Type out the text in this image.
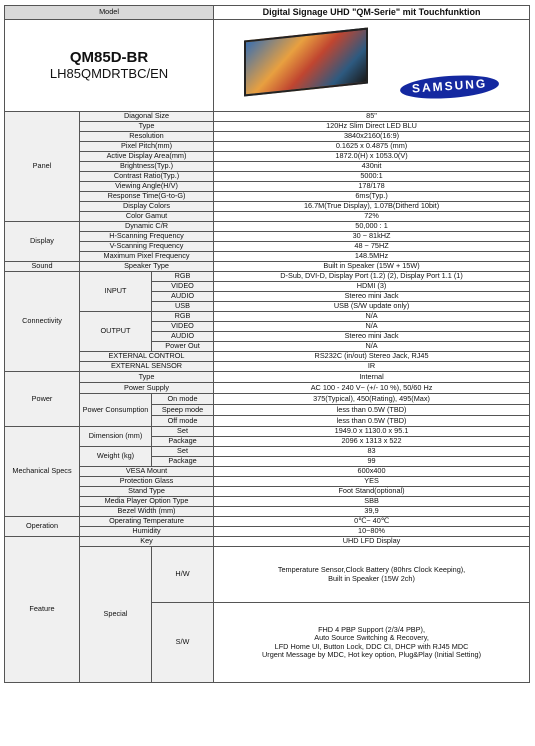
Model			Digital Signage UHD "QM-Serie" mit Touchfunktion

QM85D-BR
LH85QMDRTBC/EN			SAMSUNG
Panel	Diagonal Size		85"
	Type		120Hz Slim Direct LED BLU
	Resolution		3840x2160(16:9)
	Pixel Pitch(mm)		0.1625 x 0.4875 (mm)
	Active Display Area(mm)		1872.0(H) x 1053.0(V)
	Brightness(Typ.)		430nit
	Contrast Ratio(Typ.)		5000:1
	Viewing Angle(H/V)		178/178
	Response Time(G-to-G)		6ms(Typ.)
	Display Colors		16.7M(True Display), 1.07B(Ditherd 10bit)
	Color Gamut		72%
Display	Dynamic C/R		50,000 : 1
	H-Scanning Frequency		30 ~ 81kHZ
	V-Scanning Frequency		48 ~ 75HZ
	Maximum Pixel Frequency		148.5MHz
Sound	Speaker Type		Built in Speaker (15W + 15W)
Connectivity	INPUT	RGB	D-Sub, DVI-D, Display Port (1.2) (2), Display Port 1.1 (1)
		VIDEO	HDMI (3)
		AUDIO	Stereo mini Jack
		USB	USB (S/W update only)
	OUTPUT	RGB	N/A
		VIDEO	N/A
		AUDIO	Stereo mini Jack
		Power Out	N/A
	EXTERNAL CONTROL		RS232C (in/out) Stereo Jack, RJ45
	EXTERNAL SENSOR		IR
Power	Type		Internal
	Power Supply		AC 100 - 240 V~ (+/- 10 %), 50/60 Hz
	Power Consumption	On mode	375(Typical), 450(Rating), 495(Max)
		Speep mode	less than 0.5W (TBD)
		Off mode	less than 0.5W (TBD)
Mechanical Specs	Dimension (mm)	Set	1949.0 x 1130.0 x 95.1
		Package	2096 x 1313 x 522
	Weight (kg)	Set	83
		Package	99
	VESA Mount		600x400
	Protection Glass		YES
	Stand Type		Foot Stand(optional)
	Media Player Option Type		SBB
	Bezel Width (mm)		39,9
Operation	Operating Temperature		0℃~ 40℃
	Humidity		10~80%
Feature	Key		UHD LFD Display
	Special	H/W	Temperature Sensor,Clock Battery (80hrs Clock Keeping),
Built in Speaker (15W 2ch)

		S/W	FHD 4 PBP Support (2/3/4 PBP),
Auto Source Switching & Recovery,
LFD Home UI, Button Lock, DDC CI, DHCP with RJ45 MDC
Urgent Message by MDC, Hot key option, Plug&Play (Initial Setting)
